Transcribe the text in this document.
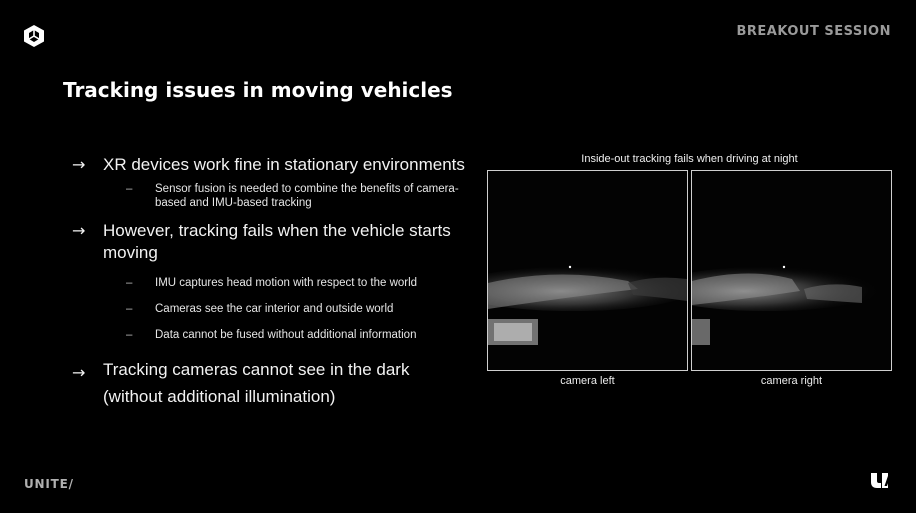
BREAKOUT SESSION
Tracking issues in moving vehicles
→ XR devices work fine in stationary environments
– Sensor fusion is needed to combine the benefits of camera-based and IMU-based tracking
→ However, tracking fails when the vehicle starts moving
– IMU captures head motion with respect to the world
– Cameras see the car interior and outside world
– Data cannot be fused without additional information
→ Tracking cameras cannot see in the dark (without additional illumination)
Inside-out tracking fails when driving at night
camera left	camera right
UNITE/
